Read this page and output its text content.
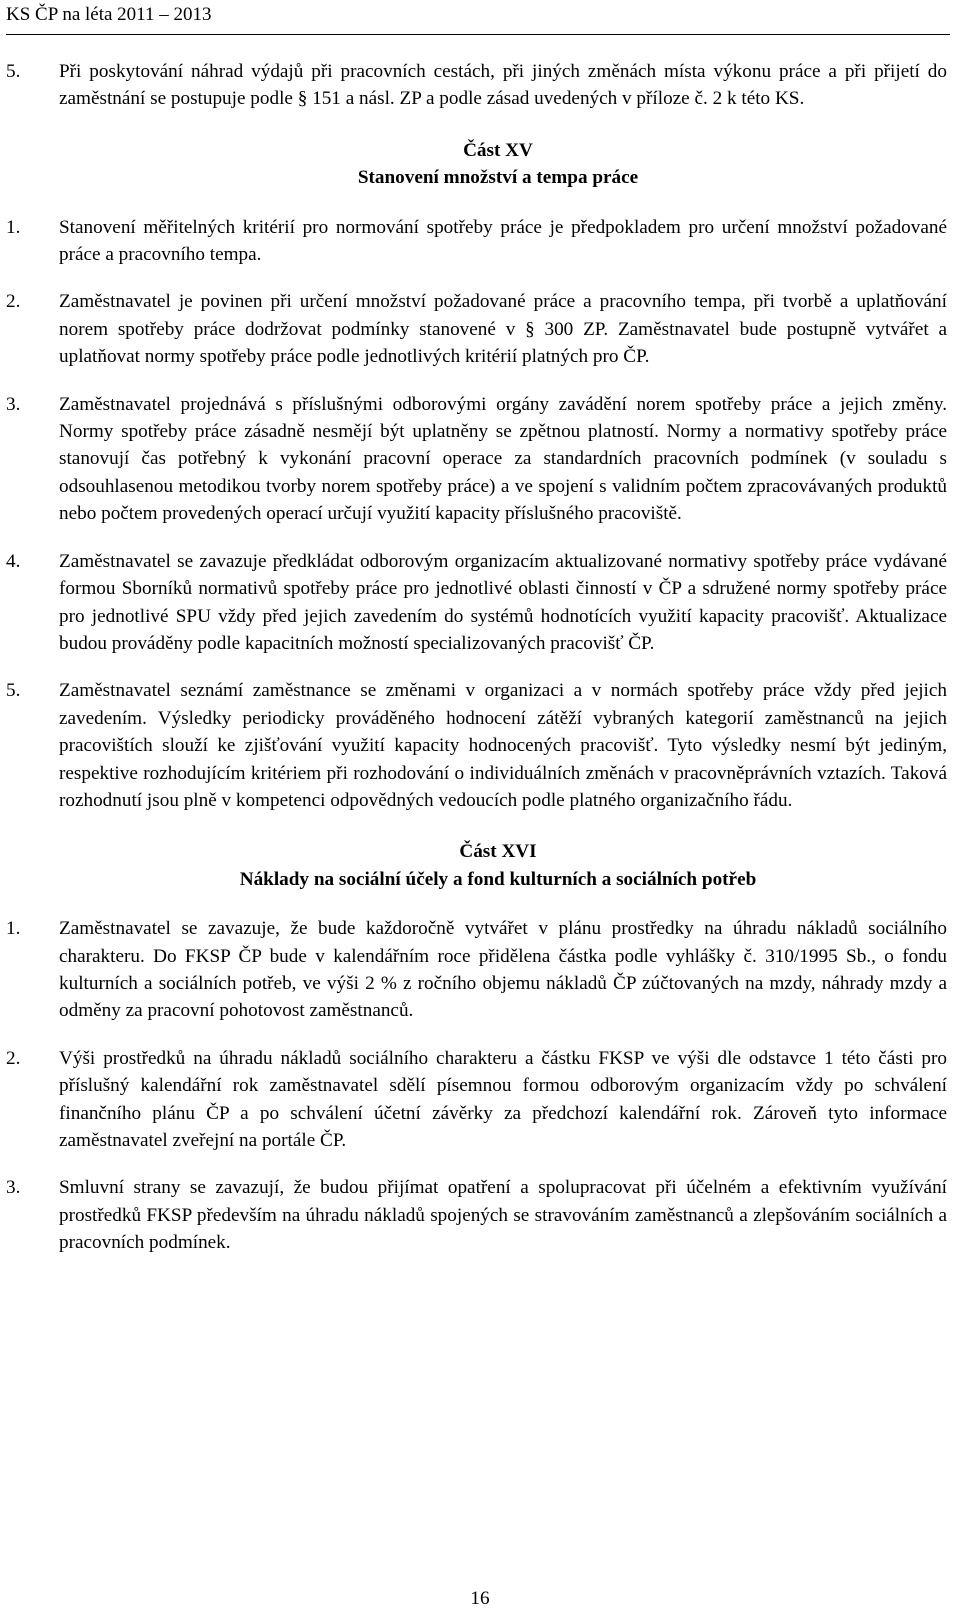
KS ČP na léta 2011 – 2013
5. Při poskytování náhrad výdajů při pracovních cestách, při jiných změnách místa výkonu práce a při přijetí do zaměstnání se postupuje podle § 151 a násl. ZP a podle zásad uvedených v příloze č. 2 k této KS.
Část XV
Stanovení množství a tempa práce
1. Stanovení měřitelných kritérií pro normování spotřeby práce je předpokladem pro určení množství požadované práce a pracovního tempa.
2. Zaměstnavatel je povinen při určení množství požadované práce a pracovního tempa, při tvorbě a uplatňování norem spotřeby práce dodržovat podmínky stanovené v § 300 ZP. Zaměstnavatel bude postupně vytvářet a uplatňovat normy spotřeby práce podle jednotlivých kritérií platných pro ČP.
3. Zaměstnavatel projednává s příslušnými odborovými orgány zavádění norem spotřeby práce a jejich změny. Normy spotřeby práce zásadně nesmějí být uplatněny se zpětnou platností. Normy a normativy spotřeby práce stanovují čas potřebný k vykonání pracovní operace za standardních pracovních podmínek (v souladu s odsouhlasenou metodikou tvorby norem spotřeby práce) a ve spojení s validním počtem zpracovávaných produktů nebo počtem provedených operací určují využití kapacity příslušného pracoviště.
4. Zaměstnavatel se zavazuje předkládat odborovým organizacím aktualizované normativy spotřeby práce vydávané formou Sborníků normativů spotřeby práce pro jednotlivé oblasti činností v ČP a sdružené normy spotřeby práce pro jednotlivé SPU vždy před jejich zavedením do systémů hodnotících využití kapacity pracovišť. Aktualizace budou prováděny podle kapacitních možností specializovaných pracovišť ČP.
5. Zaměstnavatel seznámí zaměstnance se změnami v organizaci a v normách spotřeby práce vždy před jejich zavedením. Výsledky periodicky prováděného hodnocení zátěží vybraných kategorií zaměstnanců na jejich pracovištích slouží ke zjišťování využití kapacity hodnocených pracovišť. Tyto výsledky nesmí být jediným, respektive rozhodujícím kritériem při rozhodování o individuálních změnách v pracovněprávních vztazích. Taková rozhodnutí jsou plně v kompetenci odpovědných vedoucích podle platného organizačního řádu.
Část XVI
Náklady na sociální účely a fond kulturních a sociálních potřeb
1. Zaměstnavatel se zavazuje, že bude každoročně vytvářet v plánu prostředky na úhradu nákladů sociálního charakteru. Do FKSP ČP bude v kalendářním roce přidělena částka podle vyhlášky č. 310/1995 Sb., o fondu kulturních a sociálních potřeb, ve výši 2 % z ročního objemu nákladů ČP zúčtovaných na mzdy, náhrady mzdy a odměny za pracovní pohotovost zaměstnanců.
2. Výši prostředků na úhradu nákladů sociálního charakteru a částku FKSP ve výši dle odstavce 1 této části pro příslušný kalendářní rok zaměstnavatel sdělí písemnou formou odborovým organizacím vždy po schválení finančního plánu ČP a po schválení účetní závěrky za předchozí kalendářní rok. Zároveň tyto informace zaměstnavatel zveřejní na portále ČP.
3. Smluvní strany se zavazují, že budou přijímat opatření a spolupracovat při účelném a efektivním využívání prostředků FKSP především na úhradu nákladů spojených se stravováním zaměstnanců a zlepšováním sociálních a pracovních podmínek.
16
